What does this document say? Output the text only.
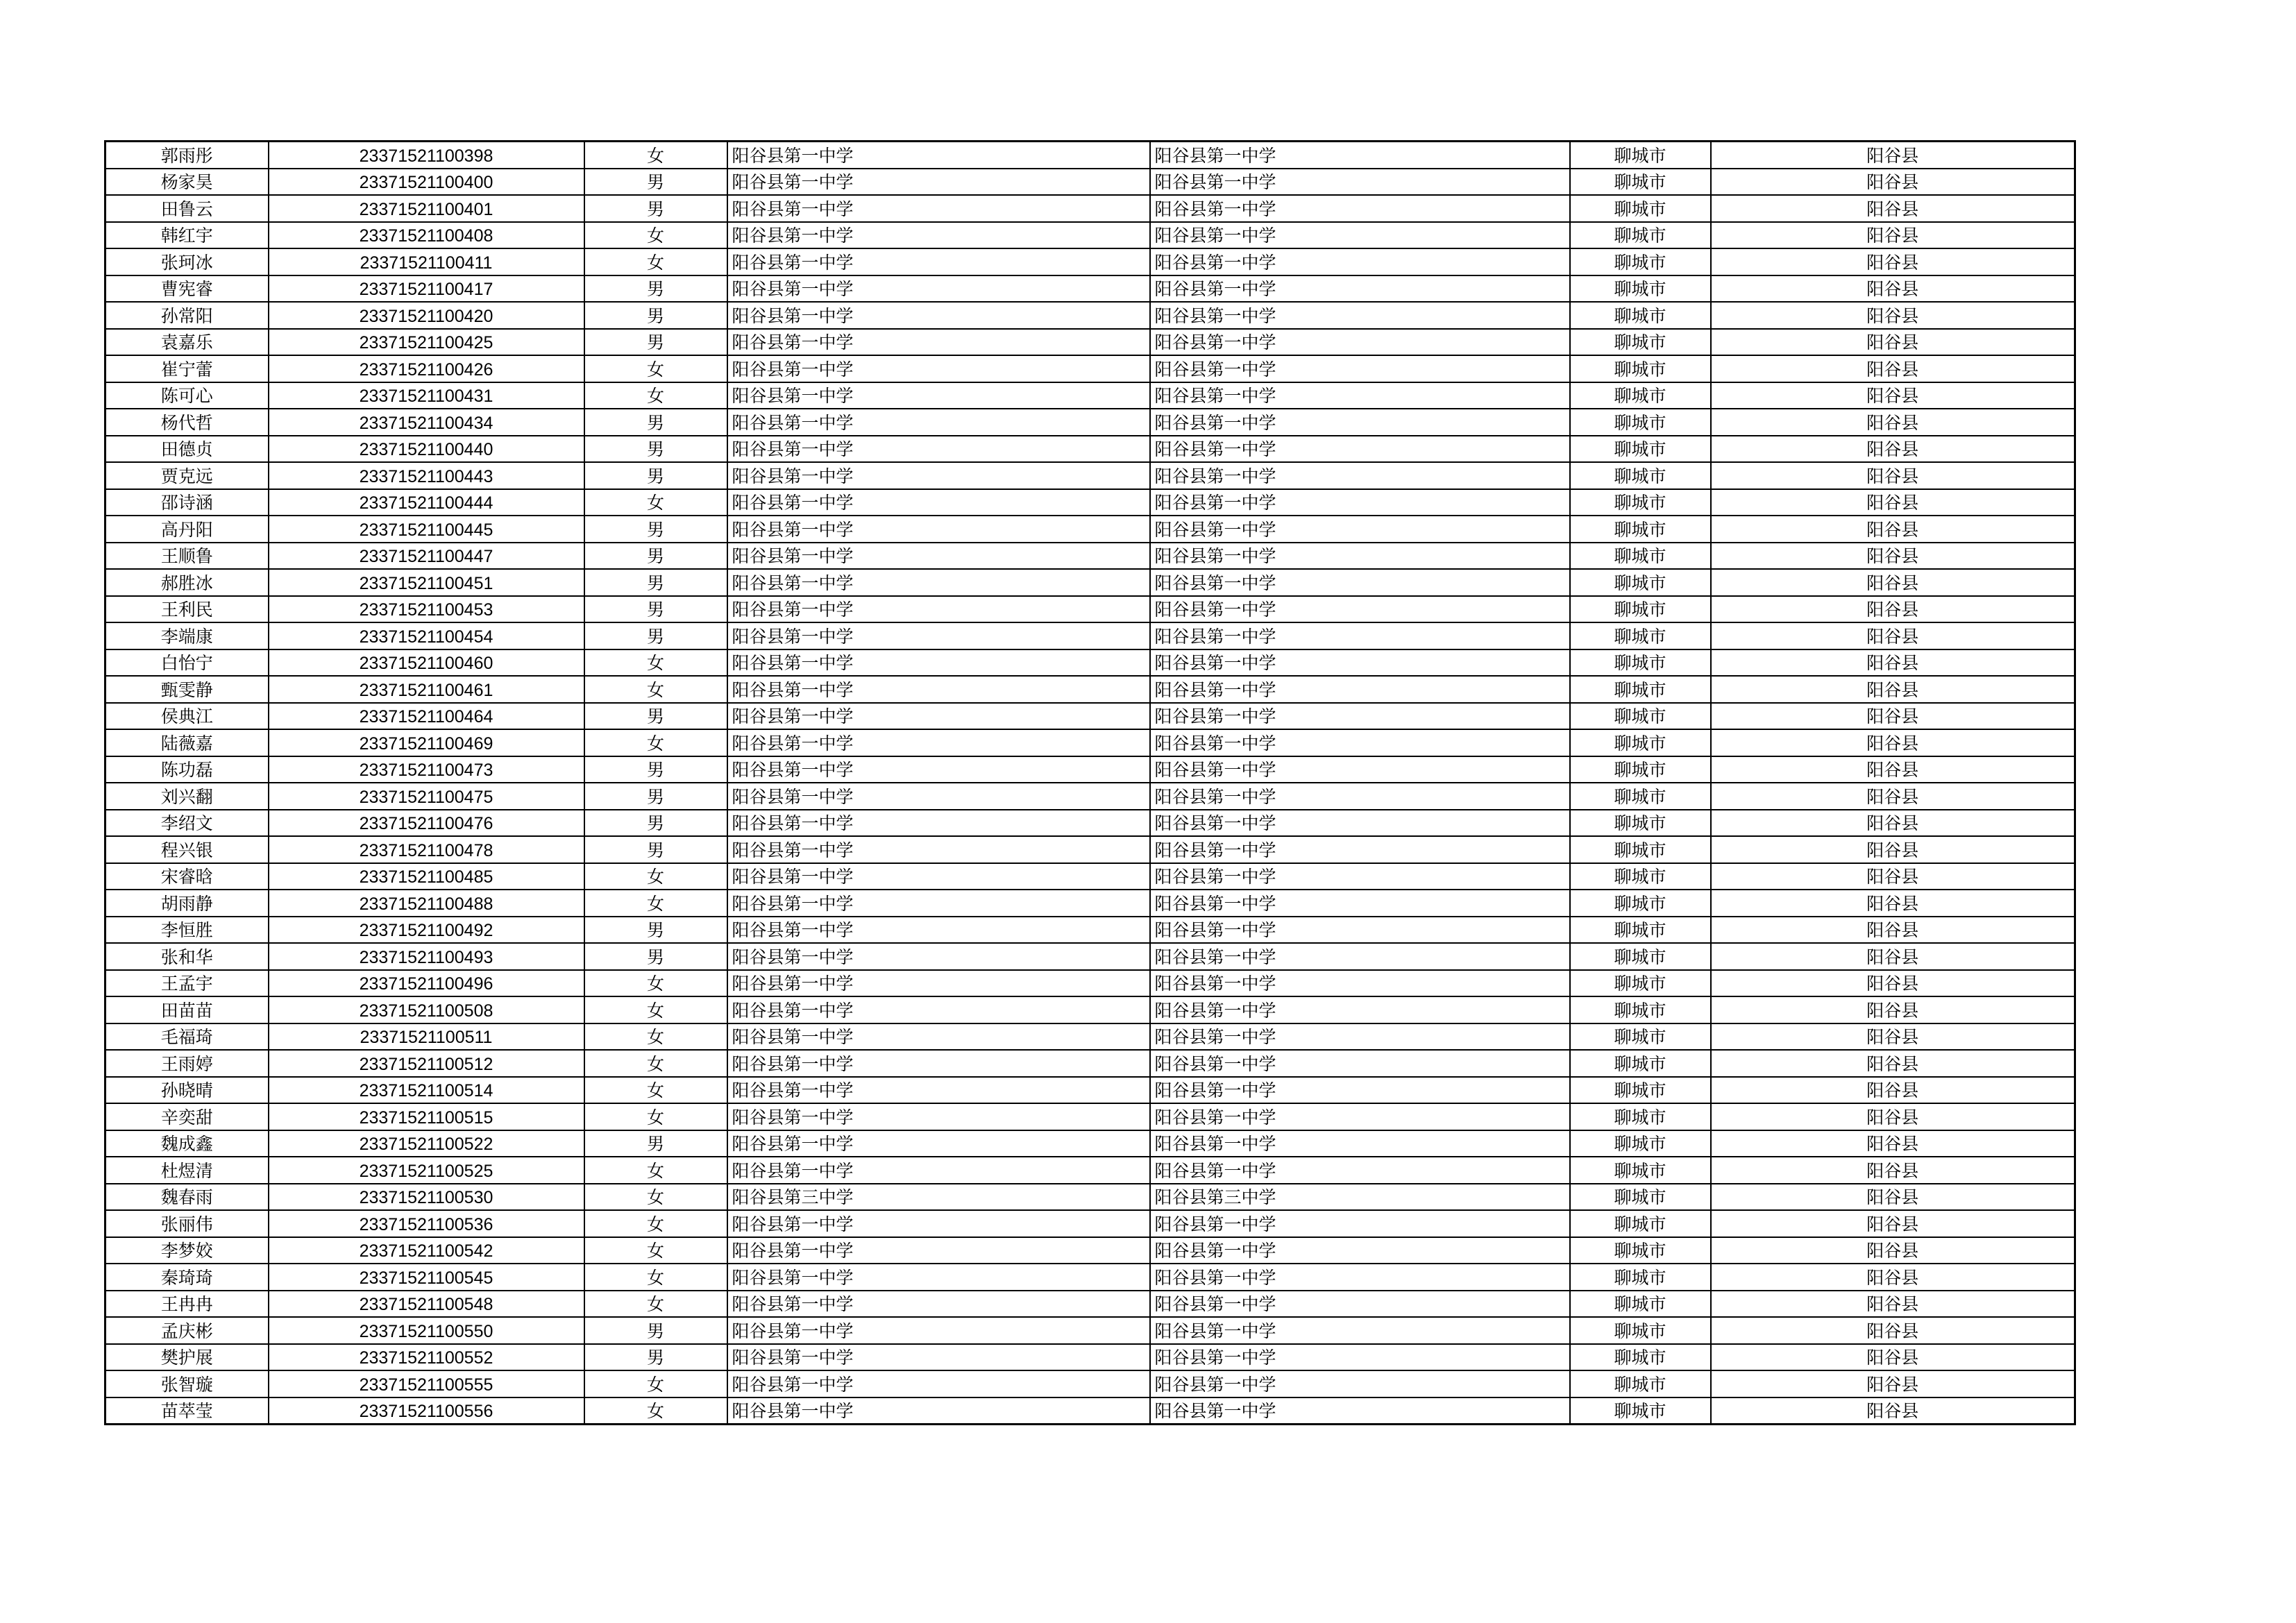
郭雨彤	23371521100398	女	阳谷县第一中学	阳谷县第一中学	聊城市	阳谷县
杨家昊	23371521100400	男	阳谷县第一中学	阳谷县第一中学	聊城市	阳谷县
田鲁云	23371521100401	男	阳谷县第一中学	阳谷县第一中学	聊城市	阳谷县
韩红宇	23371521100408	女	阳谷县第一中学	阳谷县第一中学	聊城市	阳谷县
张珂冰	23371521100411	女	阳谷县第一中学	阳谷县第一中学	聊城市	阳谷县
曹宪睿	23371521100417	男	阳谷县第一中学	阳谷县第一中学	聊城市	阳谷县
孙常阳	23371521100420	男	阳谷县第一中学	阳谷县第一中学	聊城市	阳谷县
袁嘉乐	23371521100425	男	阳谷县第一中学	阳谷县第一中学	聊城市	阳谷县
崔宁蕾	23371521100426	女	阳谷县第一中学	阳谷县第一中学	聊城市	阳谷县
陈可心	23371521100431	女	阳谷县第一中学	阳谷县第一中学	聊城市	阳谷县
杨代哲	23371521100434	男	阳谷县第一中学	阳谷县第一中学	聊城市	阳谷县
田德贞	23371521100440	男	阳谷县第一中学	阳谷县第一中学	聊城市	阳谷县
贾克远	23371521100443	男	阳谷县第一中学	阳谷县第一中学	聊城市	阳谷县
邵诗涵	23371521100444	女	阳谷县第一中学	阳谷县第一中学	聊城市	阳谷县
高丹阳	23371521100445	男	阳谷县第一中学	阳谷县第一中学	聊城市	阳谷县
王顺鲁	23371521100447	男	阳谷县第一中学	阳谷县第一中学	聊城市	阳谷县
郝胜冰	23371521100451	男	阳谷县第一中学	阳谷县第一中学	聊城市	阳谷县
王利民	23371521100453	男	阳谷县第一中学	阳谷县第一中学	聊城市	阳谷县
李端康	23371521100454	男	阳谷县第一中学	阳谷县第一中学	聊城市	阳谷县
白怡宁	23371521100460	女	阳谷县第一中学	阳谷县第一中学	聊城市	阳谷县
甄雯静	23371521100461	女	阳谷县第一中学	阳谷县第一中学	聊城市	阳谷县
侯典江	23371521100464	男	阳谷县第一中学	阳谷县第一中学	聊城市	阳谷县
陆薇嘉	23371521100469	女	阳谷县第一中学	阳谷县第一中学	聊城市	阳谷县
陈功磊	23371521100473	男	阳谷县第一中学	阳谷县第一中学	聊城市	阳谷县
刘兴翻	23371521100475	男	阳谷县第一中学	阳谷县第一中学	聊城市	阳谷县
李绍文	23371521100476	男	阳谷县第一中学	阳谷县第一中学	聊城市	阳谷县
程兴银	23371521100478	男	阳谷县第一中学	阳谷县第一中学	聊城市	阳谷县
宋睿晗	23371521100485	女	阳谷县第一中学	阳谷县第一中学	聊城市	阳谷县
胡雨静	23371521100488	女	阳谷县第一中学	阳谷县第一中学	聊城市	阳谷县
李恒胜	23371521100492	男	阳谷县第一中学	阳谷县第一中学	聊城市	阳谷县
张和华	23371521100493	男	阳谷县第一中学	阳谷县第一中学	聊城市	阳谷县
王孟宇	23371521100496	女	阳谷县第一中学	阳谷县第一中学	聊城市	阳谷县
田苗苗	23371521100508	女	阳谷县第一中学	阳谷县第一中学	聊城市	阳谷县
毛福琦	23371521100511	女	阳谷县第一中学	阳谷县第一中学	聊城市	阳谷县
王雨婷	23371521100512	女	阳谷县第一中学	阳谷县第一中学	聊城市	阳谷县
孙晓晴	23371521100514	女	阳谷县第一中学	阳谷县第一中学	聊城市	阳谷县
辛奕甜	23371521100515	女	阳谷县第一中学	阳谷县第一中学	聊城市	阳谷县
魏成鑫	23371521100522	男	阳谷县第一中学	阳谷县第一中学	聊城市	阳谷县
杜煜清	23371521100525	女	阳谷县第一中学	阳谷县第一中学	聊城市	阳谷县
魏春雨	23371521100530	女	阳谷县第三中学	阳谷县第三中学	聊城市	阳谷县
张丽伟	23371521100536	女	阳谷县第一中学	阳谷县第一中学	聊城市	阳谷县
李梦姣	23371521100542	女	阳谷县第一中学	阳谷县第一中学	聊城市	阳谷县
秦琦琦	23371521100545	女	阳谷县第一中学	阳谷县第一中学	聊城市	阳谷县
王冉冉	23371521100548	女	阳谷县第一中学	阳谷县第一中学	聊城市	阳谷县
孟庆彬	23371521100550	男	阳谷县第一中学	阳谷县第一中学	聊城市	阳谷县
樊护展	23371521100552	男	阳谷县第一中学	阳谷县第一中学	聊城市	阳谷县
张智璇	23371521100555	女	阳谷县第一中学	阳谷县第一中学	聊城市	阳谷县
苗萃莹	23371521100556	女	阳谷县第一中学	阳谷县第一中学	聊城市	阳谷县
